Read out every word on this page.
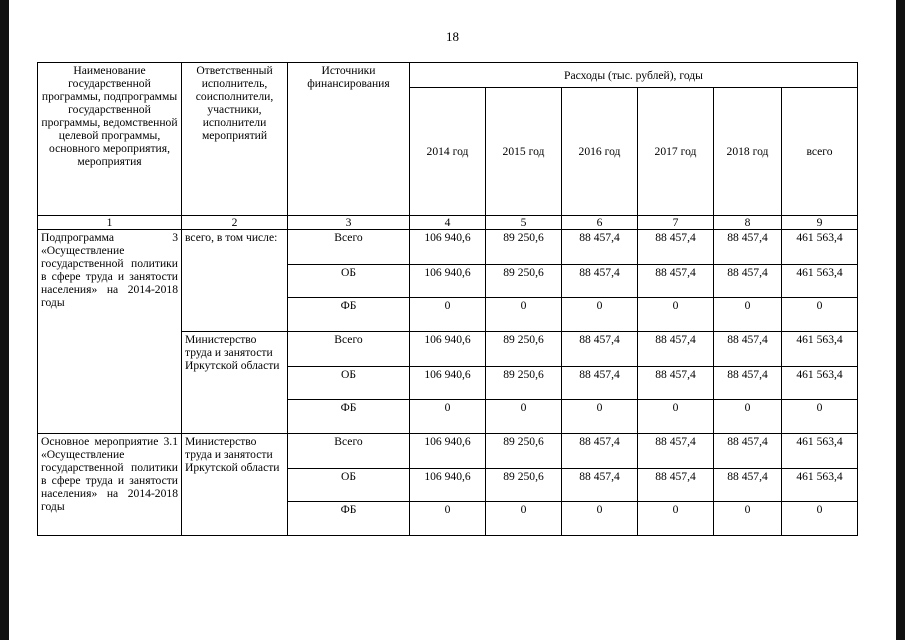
18
Наименование государственной программы, подпрограммы государственной программы, ведомственной целевой программы, основного мероприятия, мероприятия	Ответственный исполнитель, соисполнители, участники, исполнители мероприятий	Источники финансирования	Расходы (тыс. рублей), годы					
			2014 год	2015 год	2016 год	2017 год	2018 год	всего
1	2	3	4	5	6	7	8	9
Подпрограмма 3 «Осуществление государственной политики в сфере труда и занятости населения» на 2014-2018 годы	всего, в том числе:	Всего	106 940,6	89 250,6	88 457,4	88 457,4	88 457,4	461 563,4
		ОБ	106 940,6	89 250,6	88 457,4	88 457,4	88 457,4	461 563,4
		ФБ	0	0	0	0	0	0
	Министерство труда и занятости Иркутской области	Всего	106 940,6	89 250,6	88 457,4	88 457,4	88 457,4	461 563,4
		ОБ	106 940,6	89 250,6	88 457,4	88 457,4	88 457,4	461 563,4
		ФБ	0	0	0	0	0	0
Основное мероприятие 3.1 «Осуществление государственной политики в сфере труда и занятости населения» на 2014-2018 годы	Министерство труда и занятости Иркутской области	Всего	106 940,6	89 250,6	88 457,4	88 457,4	88 457,4	461 563,4
		ОБ	106 940,6	89 250,6	88 457,4	88 457,4	88 457,4	461 563,4
		ФБ	0	0	0	0	0	0
